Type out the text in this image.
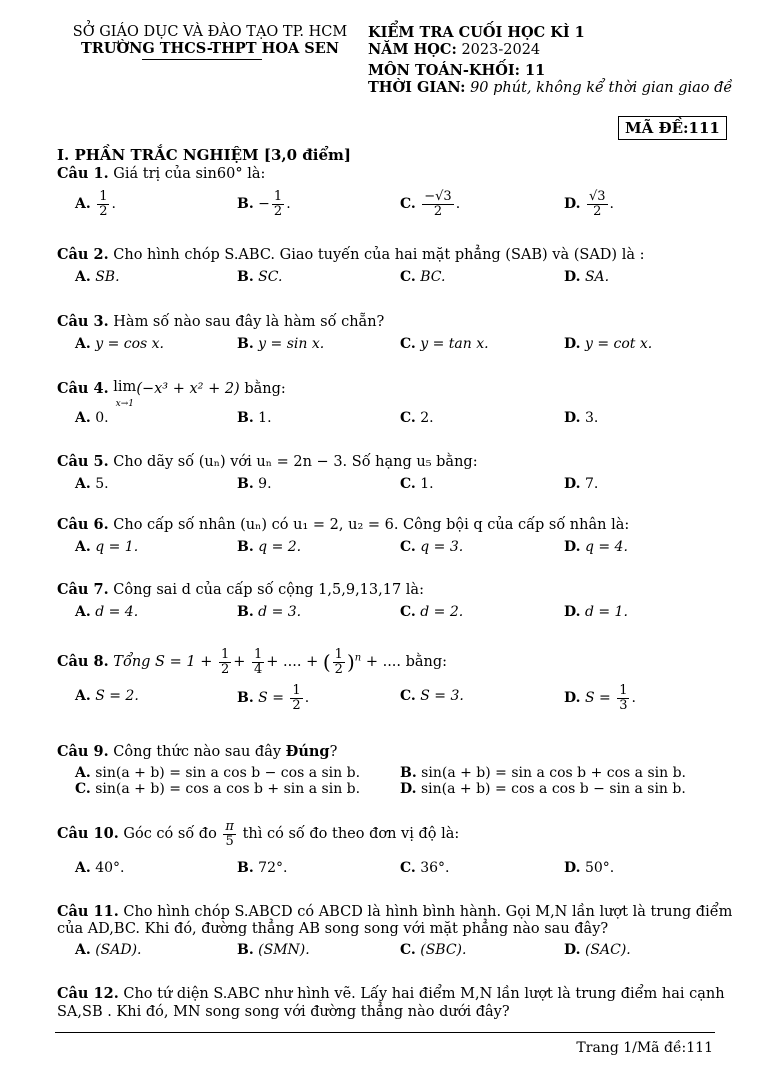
SỞ GIÁO DỤC VÀ ĐÀO TẠO TP. HCM
TRƯỜNG THCS-THPT HOA SEN
KIỂM TRA CUỐI HỌC KÌ 1
NĂM HỌC: 2023-2024
MÔN TOÁN-KHỐI: 11
THỜI GIAN: 90 phút, không kể thời gian giao đề
MÃ ĐỀ:111
I. PHẦN TRẮC NGHIỆM [3,0 điểm]
Câu 1. Giá trị của sin60° là:
A. $\frac{1}{2}$ .	B. − $\frac{1}{2}$ .	C. $\frac{-√3}{2}$ .	D. $\frac{√3}{2}$ .
Câu 2. Cho hình chóp S.ABC. Giao tuyến của hai mặt phẳng (SAB) và (SAD) là :
A. SB.	B. SC.	C. BC.	D. SA.
Câu 3. Hàm số nào sau đây là hàm số chẵn?
A. y = cos x.	B. y = sin x.	C. y = tan x.	D. y = cot x.
Câu 4. lim
x→1(−x³ + x² + 2) bằng:
A. 0.	B. 1.	C. 2.	D. 3.
Câu 5. Cho dãy số (uₙ) với uₙ = 2n − 3. Số hạng u₅ bằng:
A. 5.	B. 9.	C. 1.	D. 7.
Câu 6. Cho cấp số nhân (uₙ) có u₁ = 2, u₂ = 6. Công bội q của cấp số nhân là:
A. q = 1.	B. q = 2.	C. q = 3.	D. q = 4.
Câu 7. Công sai d của cấp số cộng 1,5,9,13,17 là:
A. d = 4.	B. d = 3.	C. d = 2.	D. d = 1.
Câu 8. Tổng $S = 1 + \frac{1}{2} + \frac{1}{4}$ + .... + ( $\frac{1}{2} )^n$ + .... bằng:
A. S = 2.	B. $S = \frac{1}{2}$ .	C. S = 3.	D. $S = \frac{1}{3}$ .
Câu 9. Công thức nào sau đây Đúng?
A. sin(a + b) = sin a cos b − cos a sin b.	B. sin(a + b) = sin a cos b + cos a sin b.
C. sin(a + b) = cos a cos b + sin a sin b.	D. sin(a + b) = cos a cos b − sin a sin b.
Câu 10. Góc có số đo $\frac{\pi}{5}$ thì có số đo theo đơn vị độ là:
A. 40°.	B. 72°.	C. 36°.	D. 50°.
Câu 11. Cho hình chóp S.ABCD có ABCD là hình bình hành. Gọi M,N lần lượt là trung điểm
của AD,BC. Khi đó, đường thẳng AB song song với mặt phẳng nào sau đây?
A. (SAD).	B. (SMN).	C. (SBC).	D. (SAC).
Câu 12. Cho tứ diện S.ABC như hình vẽ. Lấy hai điểm M,N lần lượt là trung điểm hai cạnh
SA,SB . Khi đó, MN song song với đường thẳng nào dưới đây?
Trang 1/Mã đề:111
